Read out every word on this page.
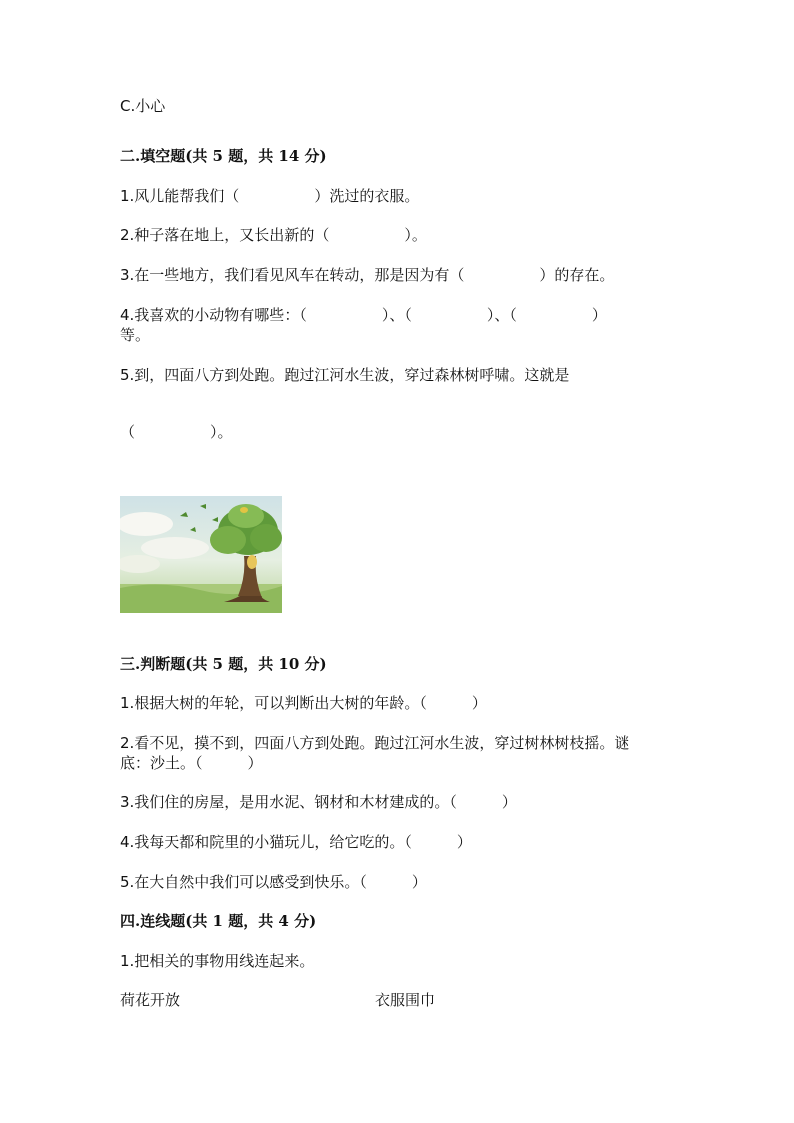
C.小心
二.填空题(共 5 题，共 14 分)
1.风儿能帮我们（　　　　　）洗过的衣服。
2.种子落在地上，又长出新的（　　　　　）。
3.在一些地方，我们看见风车在转动，那是因为有（　　　　　）的存在。
4.我喜欢的小动物有哪些：（　　　　　）、（　　　　　）、（　　　　　）
等。
5.到，四面八方到处跑。跑过江河水生波，穿过森林树呼啸。这就是
（　　　　　）。
三.判断题(共 5 题，共 10 分)
1.根据大树的年轮，可以判断出大树的年龄。（　　　）
2.看不见，摸不到，四面八方到处跑。跑过江河水生波，穿过树林树枝摇。谜
底：沙土。（　　　）
3.我们住的房屋，是用水泥、钢材和木材建成的。（　　　）
4.我每天都和院里的小猫玩儿，给它吃的。（　　　）
5.在大自然中我们可以感受到快乐。（　　　）
四.连线题(共 1 题，共 4 分)
1.把相关的事物用线连起来。
荷花开放	衣服围巾
